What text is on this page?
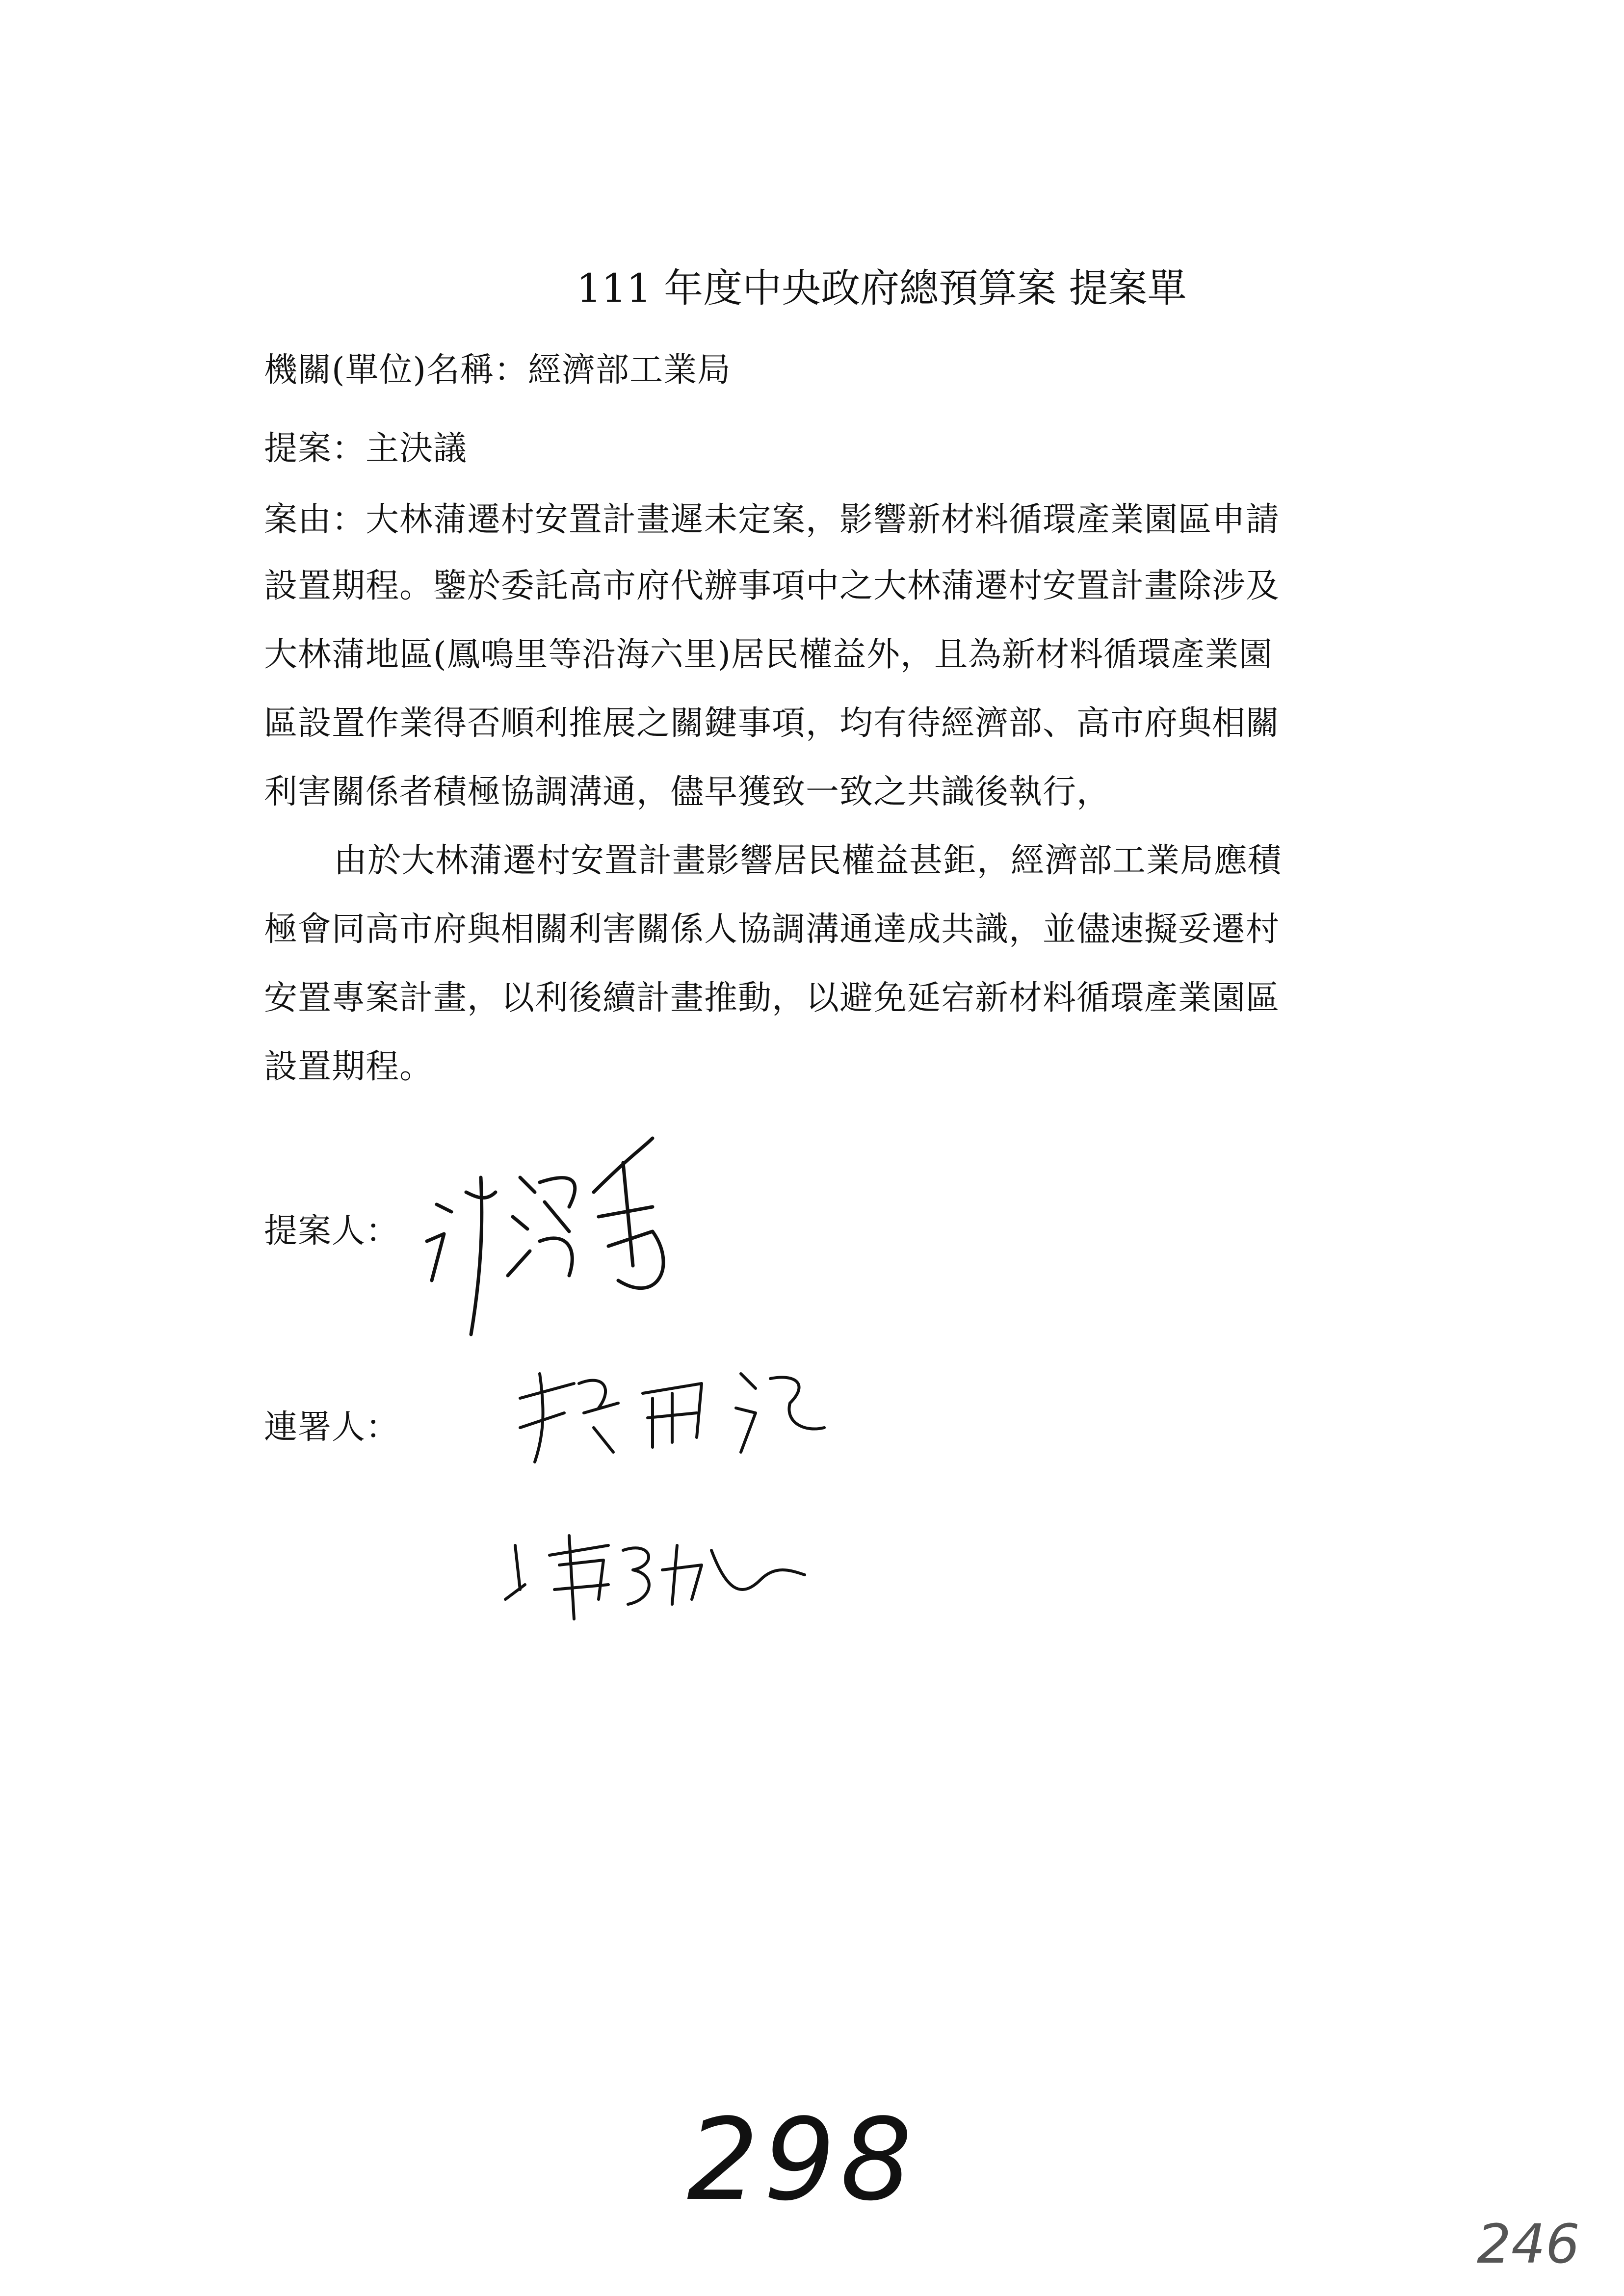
111 年度中央政府總預算案 提案單
機關(單位)名稱：經濟部工業局
提案：主決議
案由：大林蒲遷村安置計畫遲未定案，影響新材料循環產業園區申請
設置期程。鑒於委託高市府代辦事項中之大林蒲遷村安置計畫除涉及
大林蒲地區(鳳鳴里等沿海六里)居民權益外，且為新材料循環產業園
區設置作業得否順利推展之關鍵事項，均有待經濟部、高市府與相關
利害關係者積極協調溝通，儘早獲致一致之共識後執行，
由於大林蒲遷村安置計畫影響居民權益甚鉅，經濟部工業局應積
極會同高市府與相關利害關係人協調溝通達成共識，並儘速擬妥遷村
安置專案計畫，以利後續計畫推動，以避免延宕新材料循環產業園區
設置期程。
提案人：
連署人：
298
246
